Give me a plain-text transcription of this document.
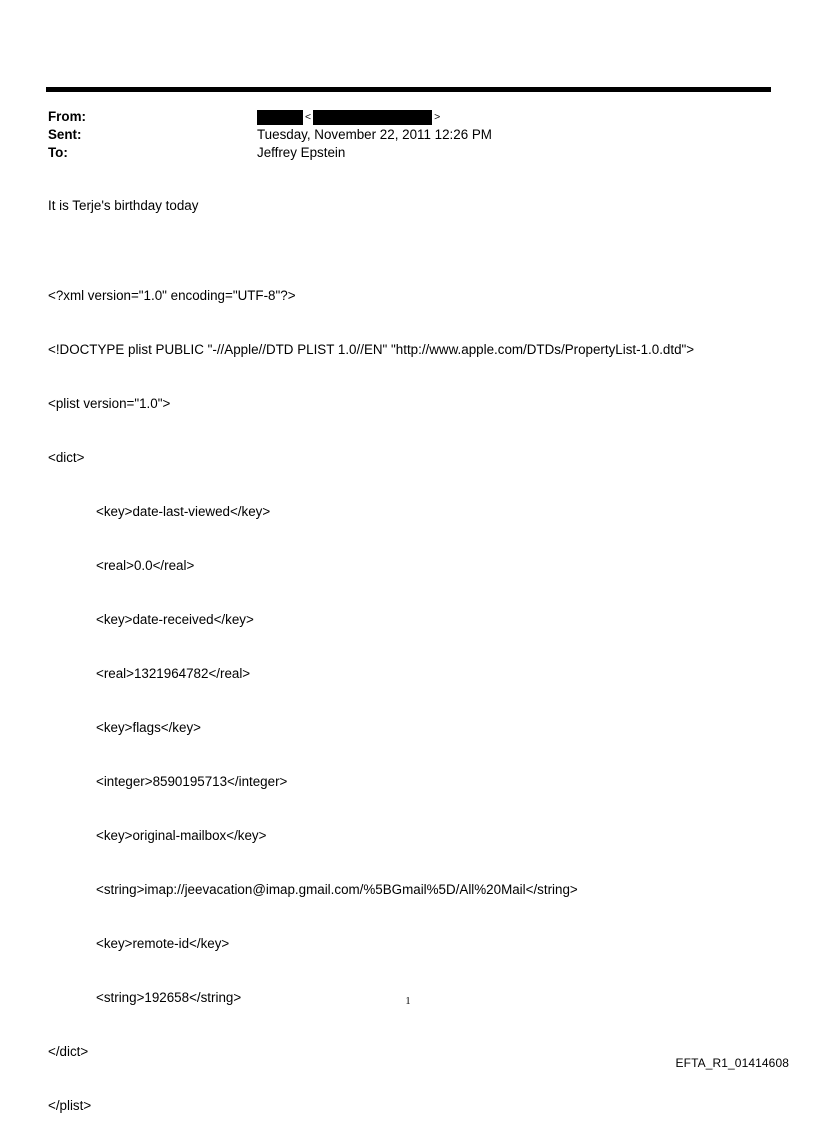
From:	<	>
Sent:	Tuesday, November 22, 2011 12:26 PM
To:	Jeffrey Epstein
It is Terje's birthday today

<?xml version="1.0" encoding="UTF-8"?>

<!DOCTYPE plist PUBLIC "-//Apple//DTD PLIST 1.0//EN" "http://www.apple.com/DTDs/PropertyList-1.0.dtd">

<plist version="1.0">

<dict>

<key>date-last-viewed</key>

<real>0.0</real>

<key>date-received</key>

<real>1321964782</real>

<key>flags</key>

<integer>8590195713</integer>

<key>original-mailbox</key>

<string>imap://jeevacation@imap.gmail.com/%5BGmail%5D/All%20Mail</string>

<key>remote-id</key>

<string>192658</string>

</dict>

</plist>

1
EFTA_R1_01414608
